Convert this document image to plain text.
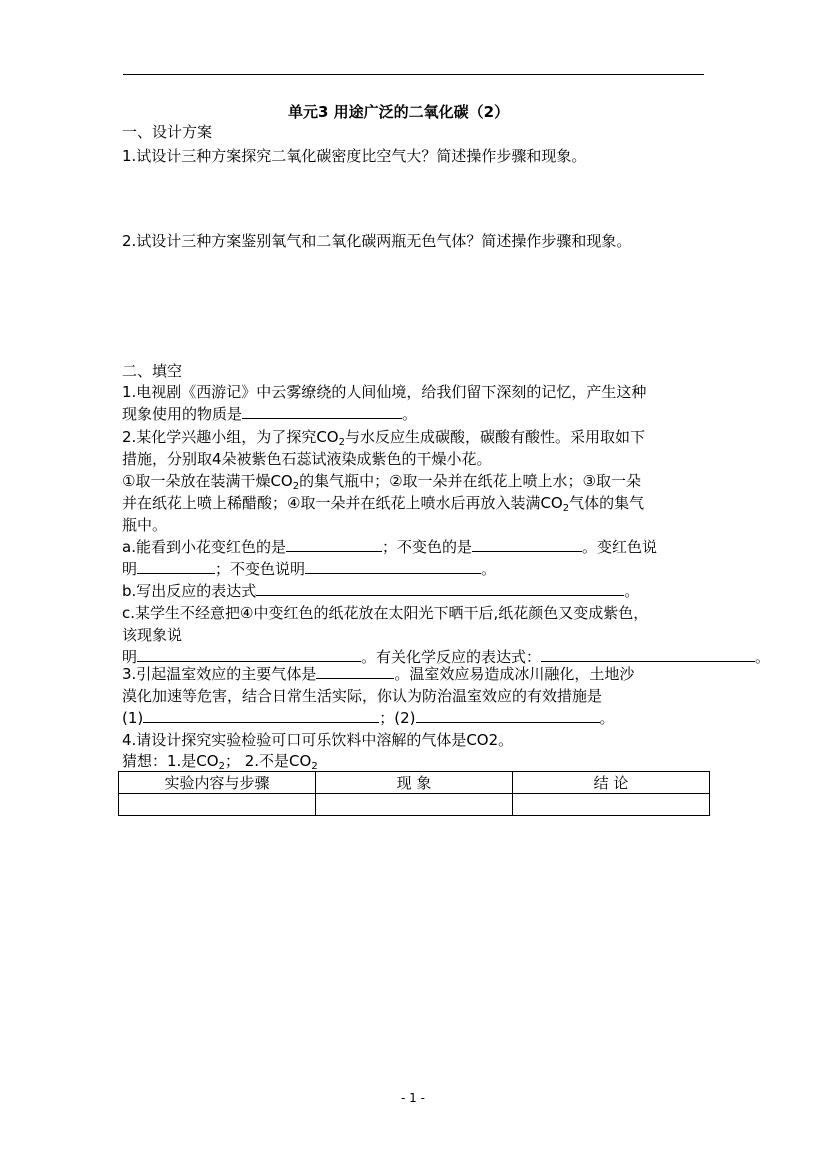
单元3 用途广泛的二氧化碳（2）
一、设计方案
1.试设计三种方案探究二氧化碳密度比空气大？简述操作步骤和现象。
2.试设计三种方案鉴别氧气和二氧化碳两瓶无色气体？简述操作步骤和现象。
二、填空
1.电视剧《西游记》中云雾缭绕的人间仙境，给我们留下深刻的记忆，产生这种
现象使用的物质是	。
2.某化学兴趣小组，为了探究$CO_2$与水反应生成碳酸，碳酸有酸性。采用取如下
措施，分别取4朵被紫色石蕊试液染成紫色的干燥小花。
①取一朵放在装满干燥$CO_2$的集气瓶中；②取一朵并在纸花上喷上水；③取一朵
并在纸花上喷上稀醋酸；④取一朵并在纸花上喷水后再放入装满$CO_2$气体的集气
瓶中。
a.能看到小花变红色的是	；不变色的是	。变红色说
明	；不变色说明	。
b.写出反应的表达式	。
c.某学生不经意把④中变红色的纸花放在太阳光下晒干后,纸花颜色又变成紫色，
该现象说
明	。有关化学反应的表达式：	。
3.引起温室效应的主要气体是	。温室效应易造成冰川融化，土地沙
漠化加速等危害，结合日常生活实际，你认为防治温室效应的有效措施是
(1)	；(2)	。
4.请设计探究实验检验可口可乐饮料中溶解的气体是CO2。
猜想：1.是$CO_2$； 2.不是$CO_2$
实验内容与步骤	现 象	结 论

- 1 -
